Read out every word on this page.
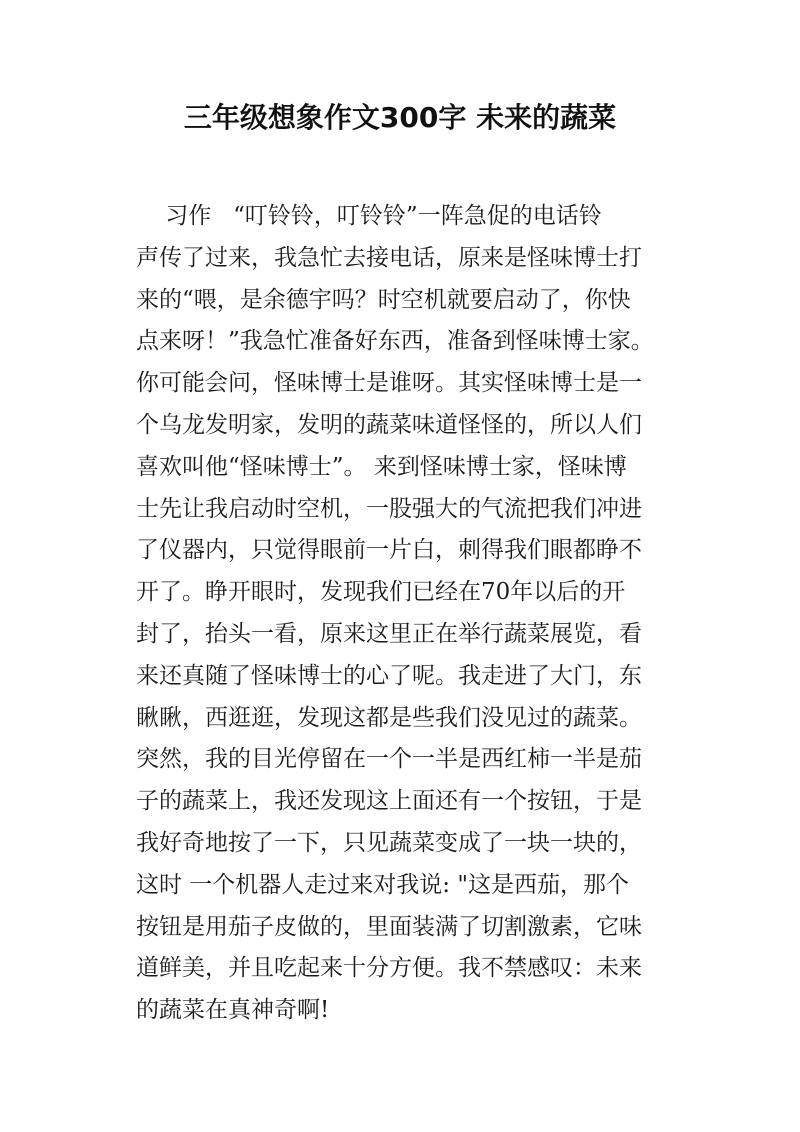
三年级想象作文300字 未来的蔬菜
习作   “叮铃铃，叮铃铃”一阵急促的电话铃
声传了过来，我急忙去接电话，原来是怪味博士打
来的“喂，是余德宇吗？时空机就要启动了，你快
点来呀！”我急忙准备好东西，准备到怪味博士家。
你可能会问，怪味博士是谁呀。其实怪味博士是一
个乌龙发明家，发明的蔬菜味道怪怪的，所以人们
喜欢叫他“怪味博士”。 来到怪味博士家，怪味博
士先让我启动时空机，一股强大的气流把我们冲进
了仪器内，只觉得眼前一片白，刺得我们眼都睁不
开了。睁开眼时，发现我们已经在70年以后的开
封了，抬头一看，原来这里正在举行蔬菜展览，看
来还真随了怪味博士的心了呢。我走进了大门，东
瞅瞅，西逛逛，发现这都是些我们没见过的蔬菜。
突然，我的目光停留在一个一半是西红柿一半是茄
子的蔬菜上，我还发现这上面还有一个按钮，于是
我好奇地按了一下，只见蔬菜变成了一块一块的，
这时 一个机器人走过来对我说: "这是西茄，那个
按钮是用茄子皮做的，里面装满了切割激素，它味
道鲜美，并且吃起来十分方便。我不禁感叹：未来
的蔬菜在真神奇啊!
